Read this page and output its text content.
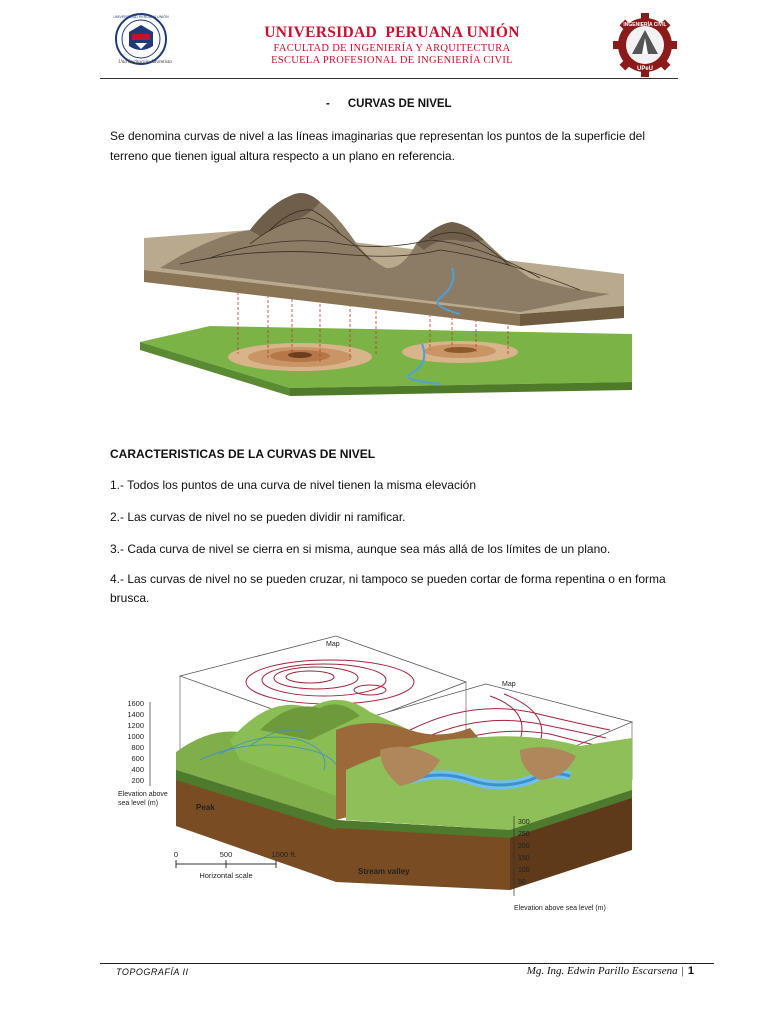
UNIVERSIDAD PERUANA UNIÓN
Una Institución Adventista
UNIVERSIDAD  PERUANA UNIÓN
FACULTAD DE INGENIERÍA Y ARQUITECTURA
ESCUELA PROFESIONAL DE INGENIERÍA CIVIL
INGENIERÍA CIVIL
UPeU
- CURVAS DE NIVEL
Se denomina curvas de nivel a las líneas imaginarias que representan los puntos de la superficie del terreno que tienen igual altura respecto a un plano en referencia.
CARACTERISTICAS DE LA CURVAS DE NIVEL
1.- Todos los puntos de una curva de nivel tienen la misma elevación
2.- Las curvas de nivel no se pueden dividir ni ramificar.
3.- Cada curva de nivel se cierra en si misma, aunque sea más allá de los límites de un plano.
4.- Las curvas de nivel no se pueden cruzar, ni tampoco se pueden cortar de forma repentina o en forma brusca.
Map
Map
1600
1400
1200
1000
800
600
400
200
Elevation above
sea level (m)	Peak
0	500	1000 ft.
Horizontal scale	Stream valley
300
250
200
150
100
50
Elevation above sea level (m)
TOPOGRAFÍA II	Mg. Ing. Edwin Parillo Escarsena | 1
